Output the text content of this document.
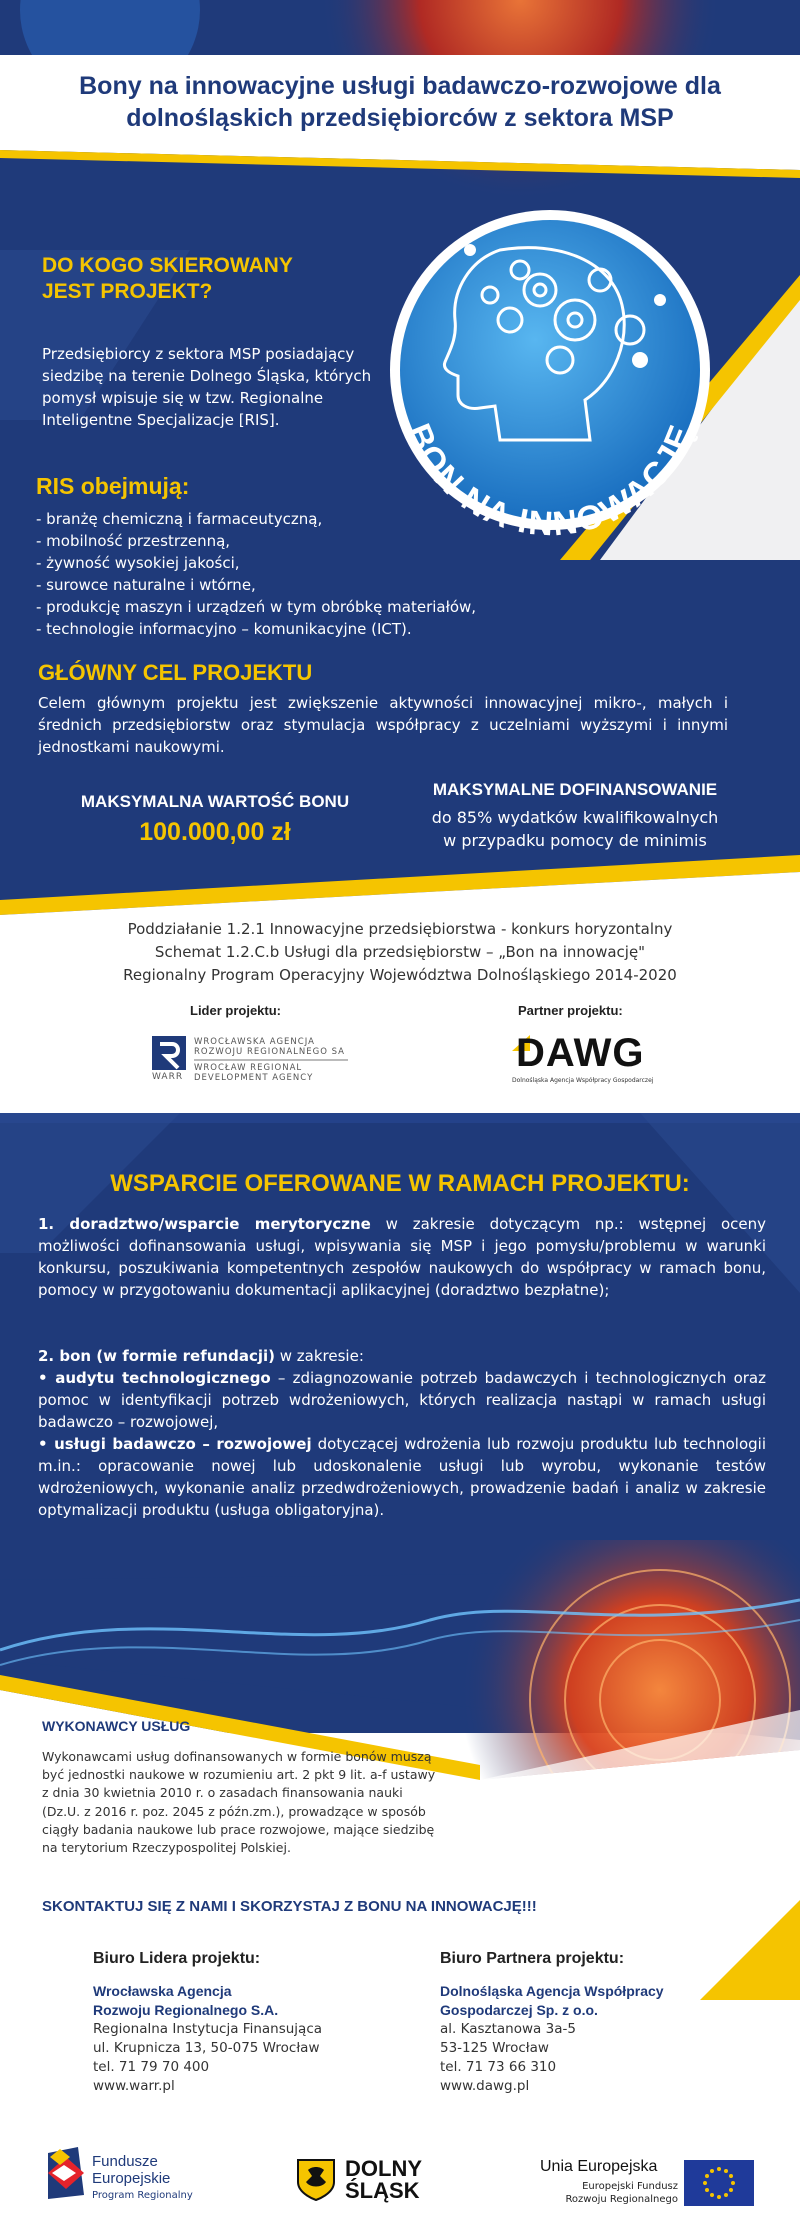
BON NA INNOWACJĘ
Bony na innowacyjne usługi badawczo-rozwojowe dla dolnośląskich przedsiębiorców z sektora MSP
DO KOGO SKIEROWANY JEST PROJEKT?
Przedsiębiorcy z sektora MSP posiadający siedzibę na terenie Dolnego Śląska, których pomysł wpisuje się w tzw. Regionalne Inteligentne Specjalizacje [RIS].
RIS obejmują:
- branżę chemiczną i farmaceutyczną,
- mobilność przestrzenną,
- żywność wysokiej jakości,
- surowce naturalne i wtórne,
- produkcję maszyn i urządzeń w tym obróbkę materiałów,
- technologie informacyjno – komunikacyjne (ICT).
GŁÓWNY CEL PROJEKTU
Celem głównym projektu jest zwiększenie aktywności innowacyjnej mikro-, małych i średnich przedsiębiorstw oraz stymulacja współpracy z uczelniami wyższymi i innymi jednostkami naukowymi.
MAKSYMALNA WARTOŚĆ BONU
100.000,00 zł
MAKSYMALNE DOFINANSOWANIE
do 85% wydatków kwalifikowalnych
w przypadku pomocy de minimis
Poddziałanie 1.2.1 Innowacyjne przedsiębiorstwa - konkurs horyzontalny
Schemat 1.2.C.b Usługi dla przedsiębiorstw – „Bon na innowację"
Regionalny Program Operacyjny Województwa Dolnośląskiego 2014-2020
Lider projektu:	Partner projektu:
WARR
WROCŁAWSKA AGENCJA
ROZWOJU REGIONALNEGO SA
WROCŁAW REGIONAL
DEVELOPMENT AGENCY
DAWG
Dolnośląska Agencja Współpracy Gospodarczej
WSPARCIE OFEROWANE W RAMACH PROJEKTU:
1. doradztwo/wsparcie merytoryczne w zakresie dotyczącym np.: wstępnej oceny możliwości dofinansowania usługi, wpisywania się MSP i jego pomysłu/problemu w warunki konkursu, poszukiwania kompetentnych zespołów naukowych do współpracy w ramach bonu, pomocy w przygotowaniu dokumentacji aplikacyjnej (doradztwo bezpłatne);
2. bon (w formie refundacji) w zakresie:
• audytu technologicznego – zdiagnozowanie potrzeb badawczych i technologicznych oraz pomoc w identyfikacji potrzeb wdrożeniowych, których realizacja nastąpi w ramach usługi badawczo – rozwojowej,
• usługi badawczo – rozwojowej dotyczącej wdrożenia lub rozwoju produktu lub technologii m.in.: opracowanie nowej lub udoskonalenie usługi lub wyrobu, wykonanie testów wdrożeniowych, wykonanie analiz przedwdrożeniowych, prowadzenie badań i analiz w zakresie optymalizacji produktu (usługa obligatoryjna).
WYKONAWCY USŁUG
Wykonawcami usług dofinansowanych w formie bonów muszą być jednostki naukowe w rozumieniu art. 2 pkt 9 lit. a-f ustawy z dnia 30 kwietnia 2010 r. o zasadach finansowania nauki (Dz.U. z 2016 r. poz. 2045 z późn.zm.), prowadzące w sposób ciągły badania naukowe lub prace rozwojowe, mające siedzibę na terytorium Rzeczypospolitej Polskiej.
SKONTAKTUJ SIĘ Z NAMI I SKORZYSTAJ Z BONU NA INNOWACJĘ!!!
Biuro Lidera projektu:
Wrocławska Agencja
Rozwoju Regionalnego S.A.
Regionalna Instytucja Finansująca
ul. Krupnicza 13, 50-075 Wrocław
tel. 71 79 70 400
www.warr.pl
Biuro Partnera projektu:
Dolnośląska Agencja Współpracy
Gospodarczej Sp. z o.o.
al. Kasztanowa 3a-5
53-125 Wrocław
tel. 71 73 66 310
www.dawg.pl
Fundusze
Europejskie
Program Regionalny
DOLNY
ŚLĄSK
Unia Europejska
Europejski Fundusz
Rozwoju Regionalnego
